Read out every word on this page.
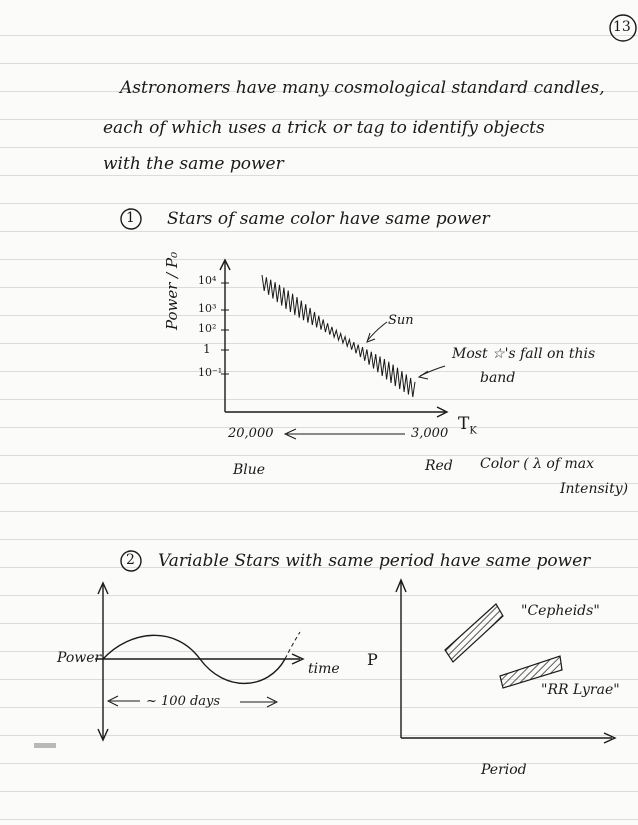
13
Astronomers have many cosmological standard candles,
each of which uses a trick or tag to identify objects
with the same power
1 Stars of same color have same power
Power / P₀ 10⁴
10³
10²
1
10⁻¹
Sun
Most ☆'s fall on this
band
$T_K$
20,000	3,000
Blue	Red Color ( λ of max
Intensity)
2 Variable Stars with same period have same power
Power
time
~ 100 days
P
Period
"Cepheids"
"RR Lyrae"
